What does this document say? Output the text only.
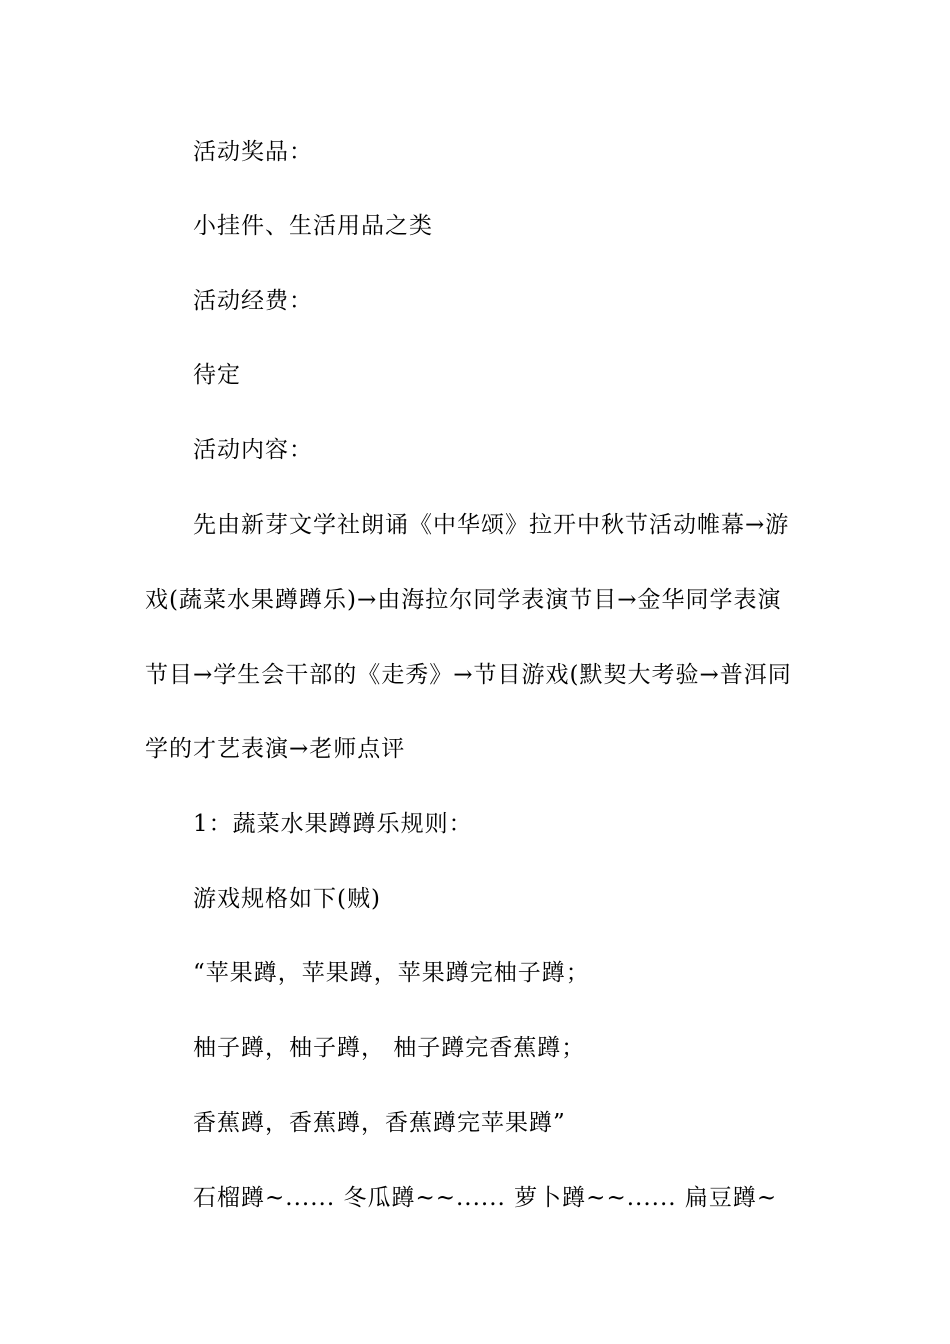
活动奖品：
小挂件、生活用品之类
活动经费：
待定
活动内容：
先由新芽文学社朗诵《中华颂》拉开中秋节活动帷幕→游
戏(蔬菜水果蹲蹲乐)→由海拉尔同学表演节目→金华同学表演
节目→学生会干部的《走秀》→节目游戏(默契大考验→普洱同
学的才艺表演→老师点评
1：蔬菜水果蹲蹲乐规则：
游戏规格如下(贼)
“苹果蹲，苹果蹲，苹果蹲完柚子蹲；
柚子蹲，柚子蹲， 柚子蹲完香蕉蹲；
香蕉蹲，香蕉蹲，香蕉蹲完苹果蹲”
石榴蹲~...... 冬瓜蹲~~...... 萝卜蹲~~...... 扁豆蹲~
